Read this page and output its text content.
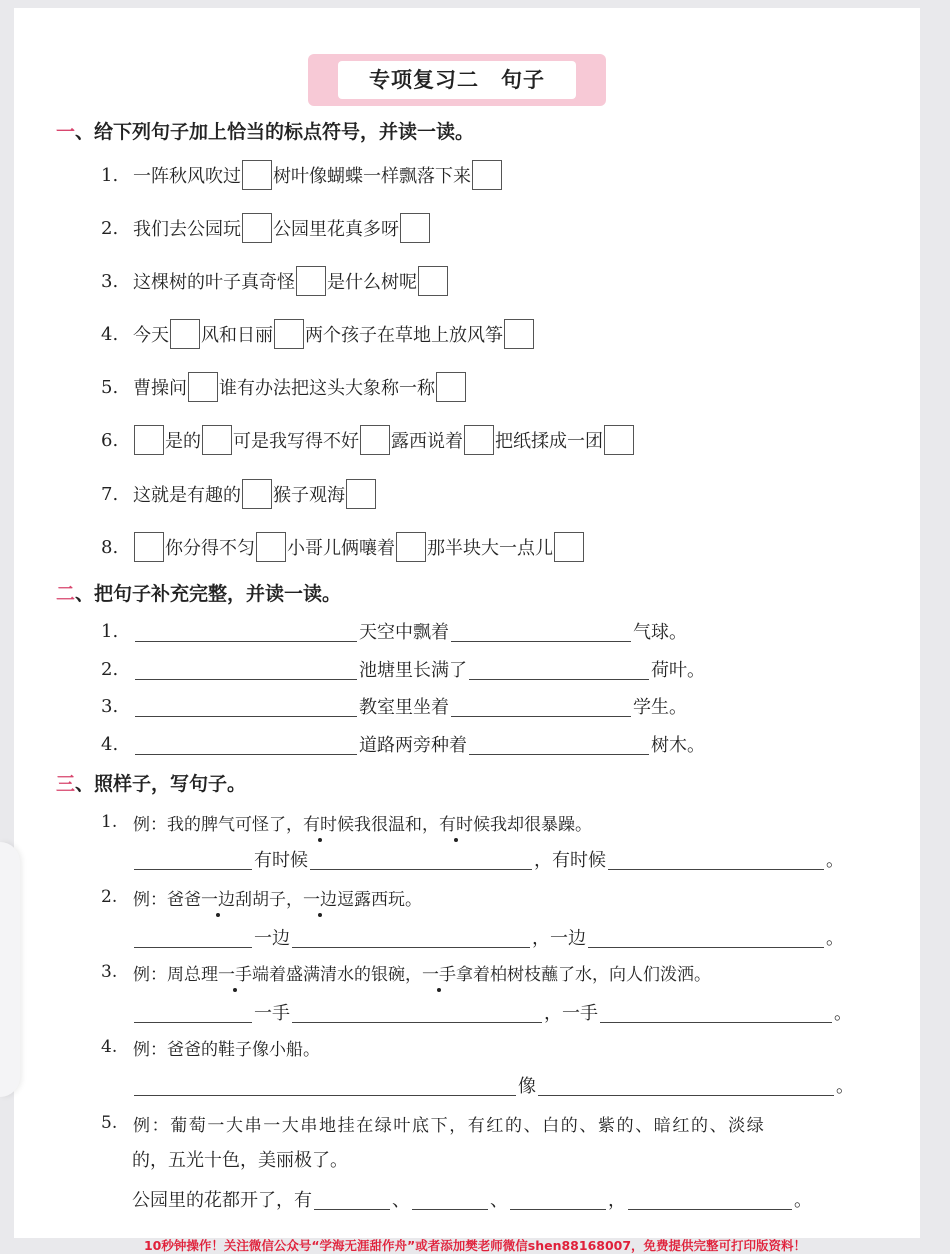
专项复习二　句子
一、给下列句子加上恰当的标点符号，并读一读。
1. 一阵秋风吹过 树叶像蝴蝶一样飘落下来
2. 我们去公园玩 公园里花真多呀
3. 这棵树的叶子真奇怪 是什么树呢
4. 今天 风和日丽 两个孩子在草地上放风筝
5. 曹操问 谁有办法把这头大象称一称
6.	是的 可是我写得不好 露西说着 把纸揉成一团
7. 这就是有趣的 猴子观海
8.	你分得不匀 小哥儿俩嚷着 那半块大一点儿
二、把句子补充完整，并读一读。
1.	天空中飘着	气球。
2.	池塘里长满了	荷叶。
3.	教室里坐着	学生。
4.	道路两旁种着	树木。
三、照样子，写句子。
1. 例：我的脾气可怪了， 有时 候我很温和， 有时 候我却很暴躁。
有时候	，有时候	。
2. 例：爸爸 一边 刮胡子， 一边 逗露西玩。
一边	，一边	。
3. 例：周总理 一手 端着盛满清水的银碗， 一手 拿着柏树枝蘸了水，向人们泼洒。
一手	，一手	。
4. 例：爸爸的鞋子像小船。
像	。
5. 例：葡萄一大串一大串地挂在绿叶底下，有红的、白的、紫的、暗红的、淡绿
的，五光十色，美丽极了。
公园里的花都开了，有	、	、	，	。
10秒钟操作！关注微信公众号“学海无涯甜作舟”或者添加樊老师微信shen88168007，免费提供完整可打印版资料！
